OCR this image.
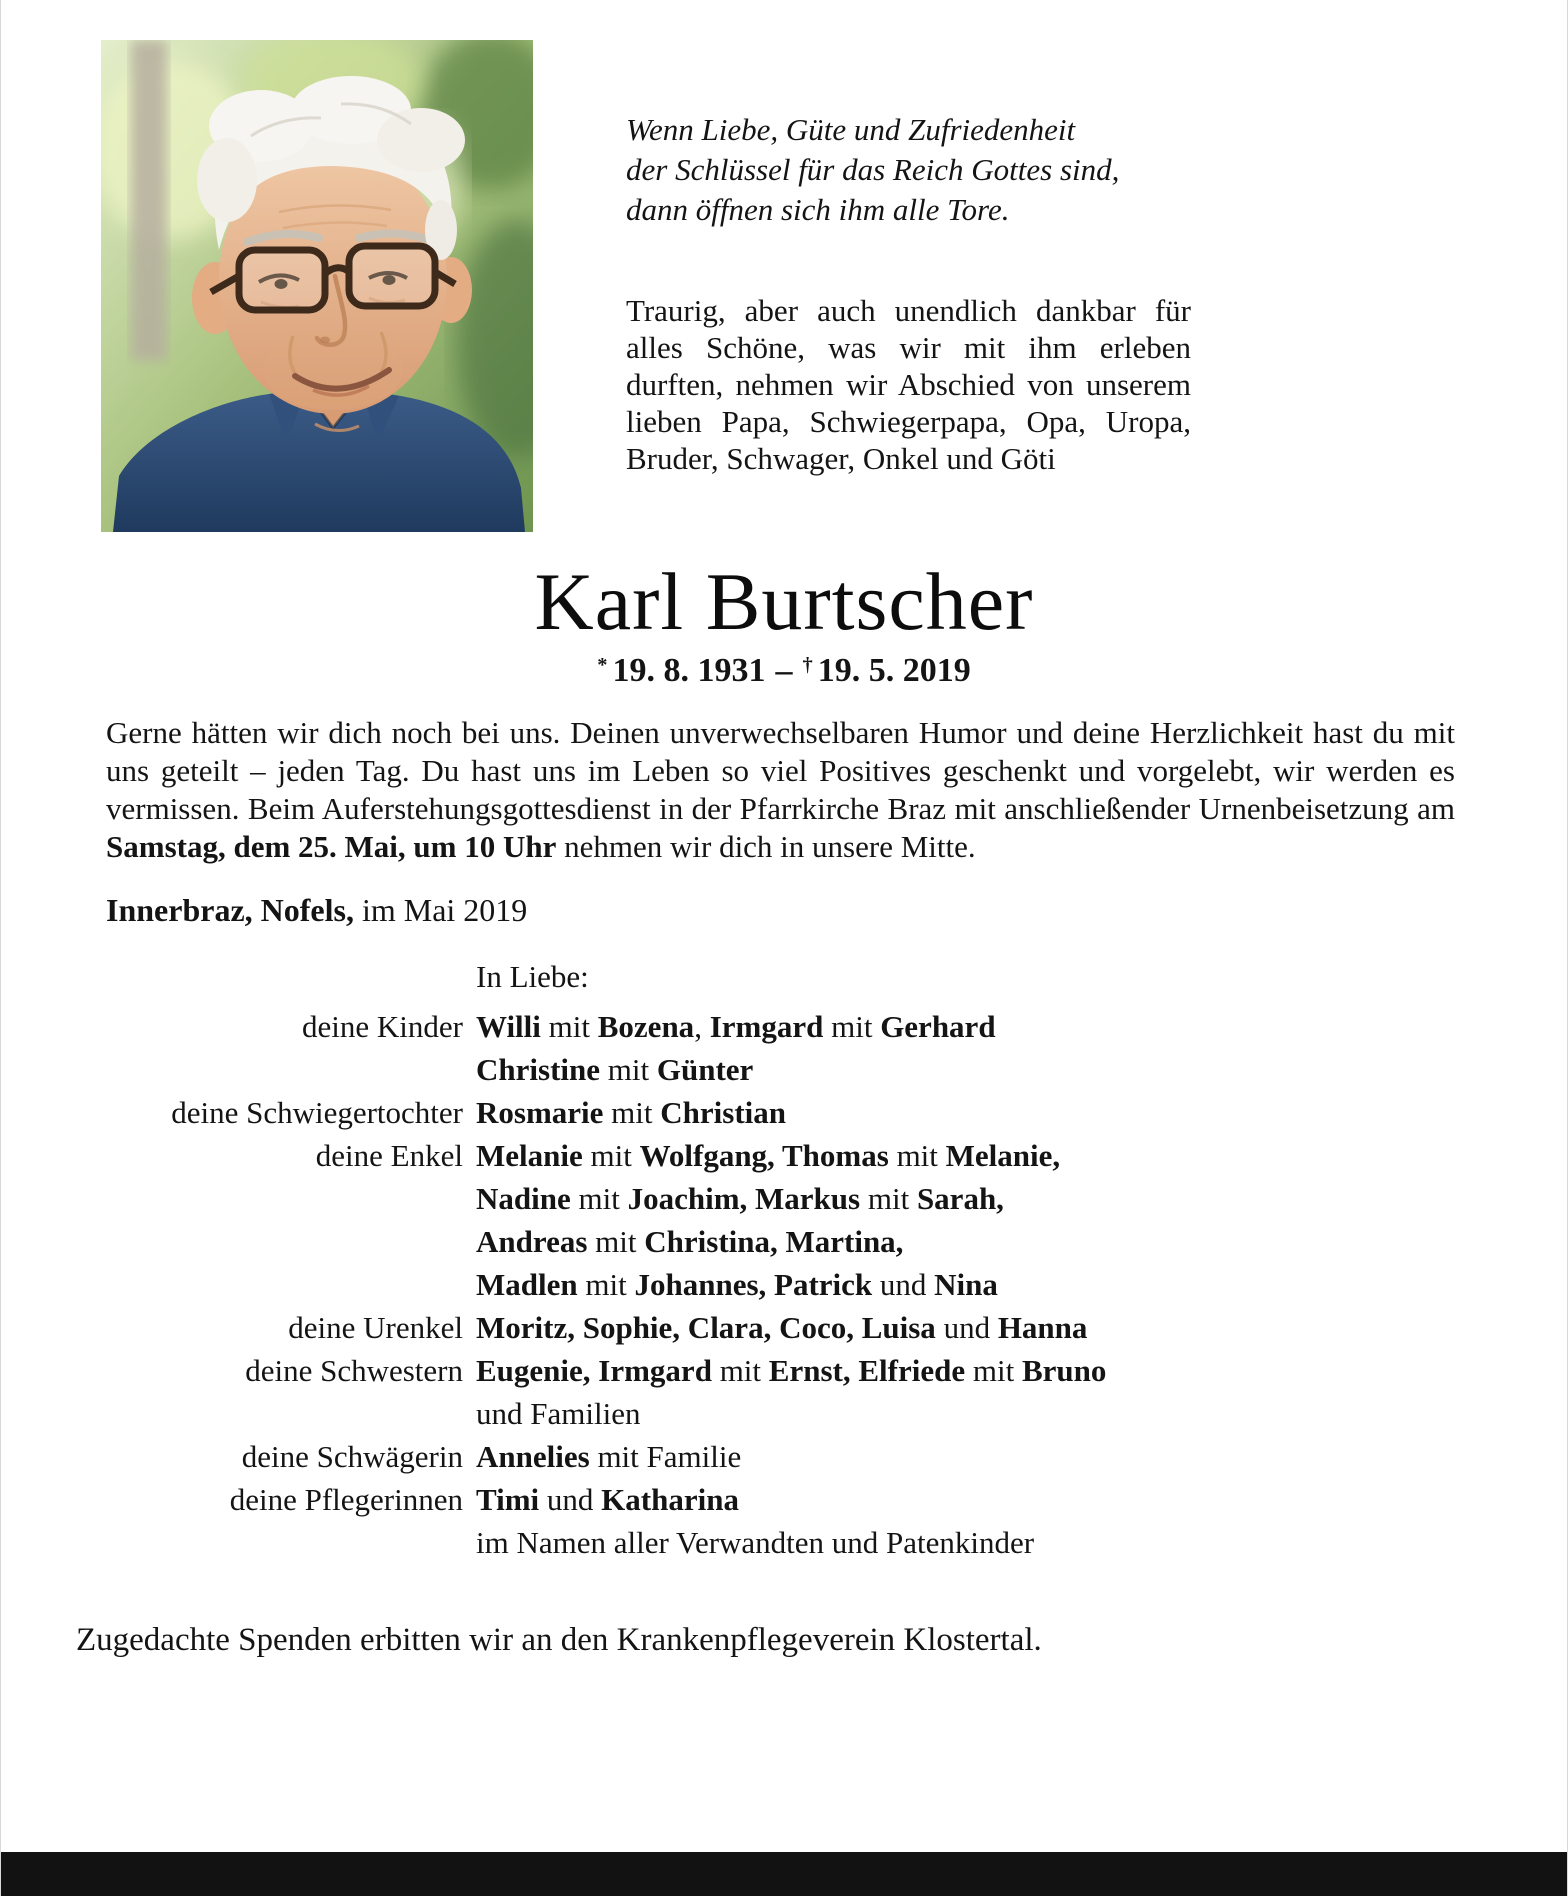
Wenn Liebe, Güte und Zufriedenheit
der Schlüssel für das Reich Gottes sind,
dann öffnen sich ihm alle Tore.

Traurig, aber auch unendlich dankbar für alles Schöne, was wir mit ihm erleben durften, nehmen wir Abschied von unserem lieben Papa, Schwiegerpapa, Opa, Uropa, Bruder, Schwager, Onkel und Göti

Karl Burtscher
* 19. 8. 1931 – † 19. 5. 2019

Gerne hätten wir dich noch bei uns. Deinen unverwechselbaren Humor und deine Herzlichkeit hast du mit uns geteilt – jeden Tag. Du hast uns im Leben so viel Positives geschenkt und vorgelebt, wir werden es vermissen. Beim Auferstehungsgottesdienst in der Pfarrkirche Braz mit anschließender Urnenbeisetzung am Samstag, dem 25. Mai, um 10 Uhr nehmen wir dich in unsere Mitte.

Innerbraz, Nofels, im Mai 2019

In Liebe:
deine Kinder Willi mit Bozena, Irmgard mit Gerhard
Christine mit Günter
deine Schwiegertochter Rosmarie mit Christian
deine Enkel Melanie mit Wolfgang, Thomas mit Melanie,
Nadine mit Joachim, Markus mit Sarah,
Andreas mit Christina, Martina,
Madlen mit Johannes, Patrick und Nina
deine Urenkel Moritz, Sophie, Clara, Coco, Luisa und Hanna
deine Schwestern Eugenie, Irmgard mit Ernst, Elfriede mit Bruno
und Familien
deine Schwägerin Annelies mit Familie
deine Pflegerinnen Timi und Katharina
im Namen aller Verwandten und Patenkinder

Zugedachte Spenden erbitten wir an den Krankenpflegeverein Klostertal.
